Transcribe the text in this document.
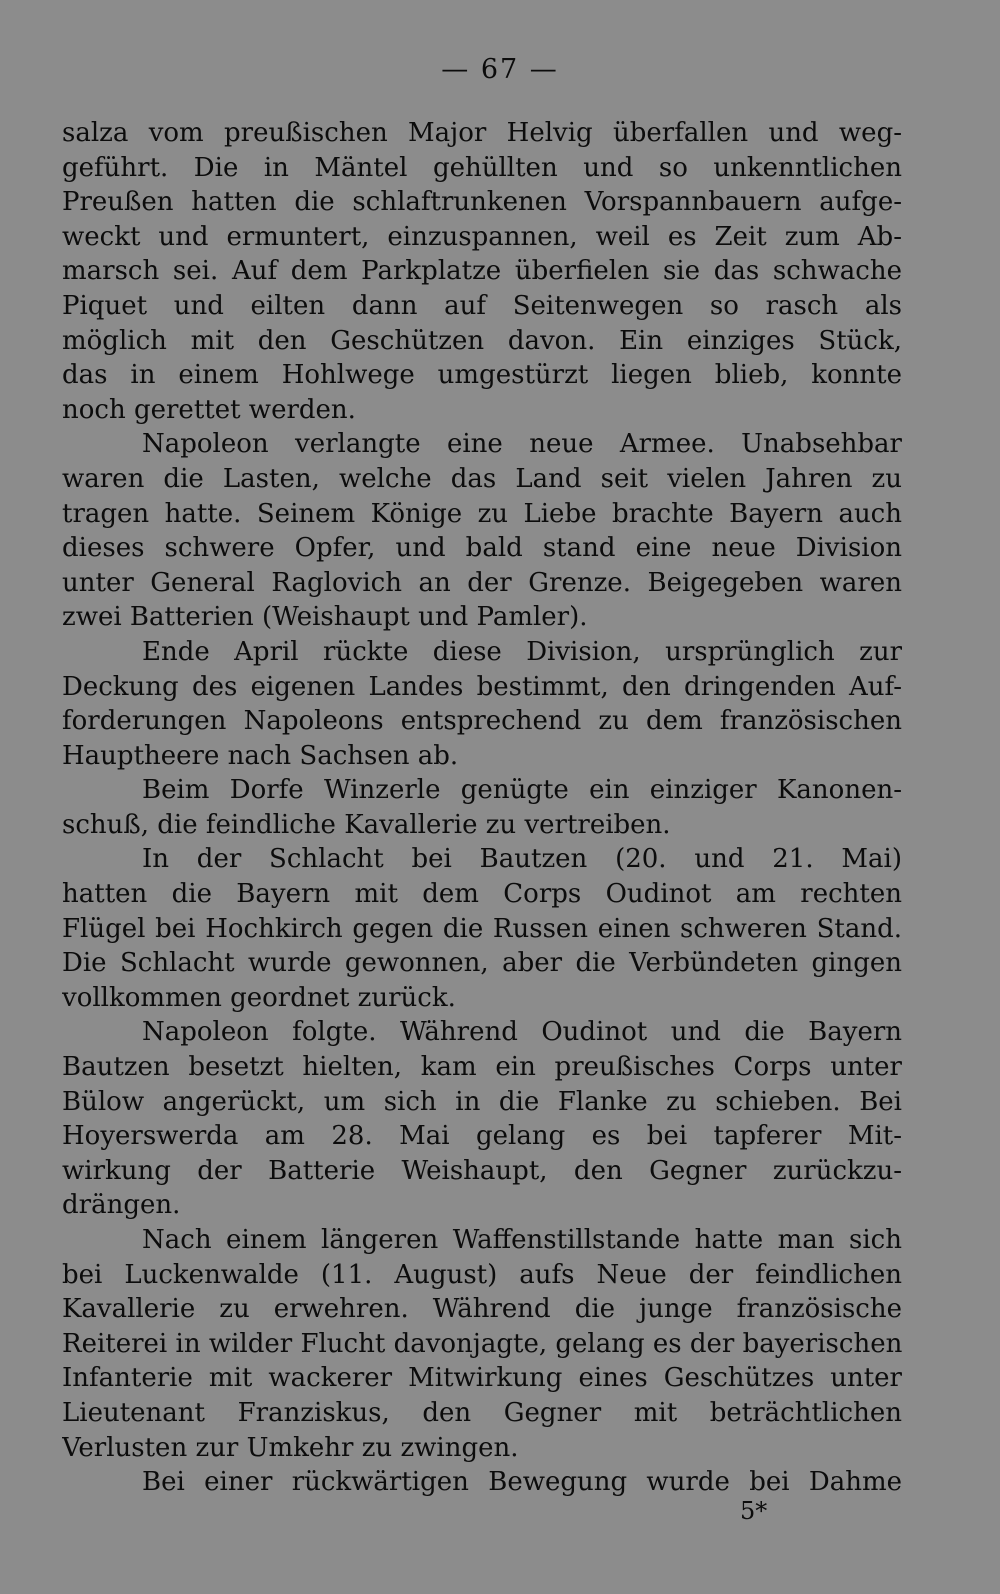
— 67 —
salza vom preußischen Major Helvig überfallen und weg-
geführt. Die in Mäntel gehüllten und so unkenntlichen
Preußen hatten die schlaftrunkenen Vorspannbauern aufge-
weckt und ermuntert, einzuspannen, weil es Zeit zum Ab-
marsch sei. Auf dem Parkplatze überfielen sie das schwache
Piquet und eilten dann auf Seitenwegen so rasch als
möglich mit den Geschützen davon. Ein einziges Stück,
das in einem Hohlwege umgestürzt liegen blieb, konnte
noch gerettet werden.
Napoleon verlangte eine neue Armee. Unabsehbar
waren die Lasten, welche das Land seit vielen Jahren zu
tragen hatte. Seinem Könige zu Liebe brachte Bayern auch
dieses schwere Opfer, und bald stand eine neue Division
unter General Raglovich an der Grenze. Beigegeben waren
zwei Batterien (Weishaupt und Pamler).
Ende April rückte diese Division, ursprünglich zur
Deckung des eigenen Landes bestimmt, den dringenden Auf-
forderungen Napoleons entsprechend zu dem französischen
Hauptheere nach Sachsen ab.
Beim Dorfe Winzerle genügte ein einziger Kanonen-
schuß, die feindliche Kavallerie zu vertreiben.
In der Schlacht bei Bautzen (20. und 21. Mai)
hatten die Bayern mit dem Corps Oudinot am rechten
Flügel bei Hochkirch gegen die Russen einen schweren Stand.
Die Schlacht wurde gewonnen, aber die Verbündeten gingen
vollkommen geordnet zurück.
Napoleon folgte. Während Oudinot und die Bayern
Bautzen besetzt hielten, kam ein preußisches Corps unter
Bülow angerückt, um sich in die Flanke zu schieben. Bei
Hoyerswerda am 28. Mai gelang es bei tapferer Mit-
wirkung der Batterie Weishaupt, den Gegner zurückzu-
drängen.
Nach einem längeren Waffenstillstande hatte man sich
bei Luckenwalde (11. August) aufs Neue der feindlichen
Kavallerie zu erwehren. Während die junge französische
Reiterei in wilder Flucht davonjagte, gelang es der bayerischen
Infanterie mit wackerer Mitwirkung eines Geschützes unter
Lieutenant Franziskus, den Gegner mit beträchtlichen
Verlusten zur Umkehr zu zwingen.
Bei einer rückwärtigen Bewegung wurde bei Dahme
5*
